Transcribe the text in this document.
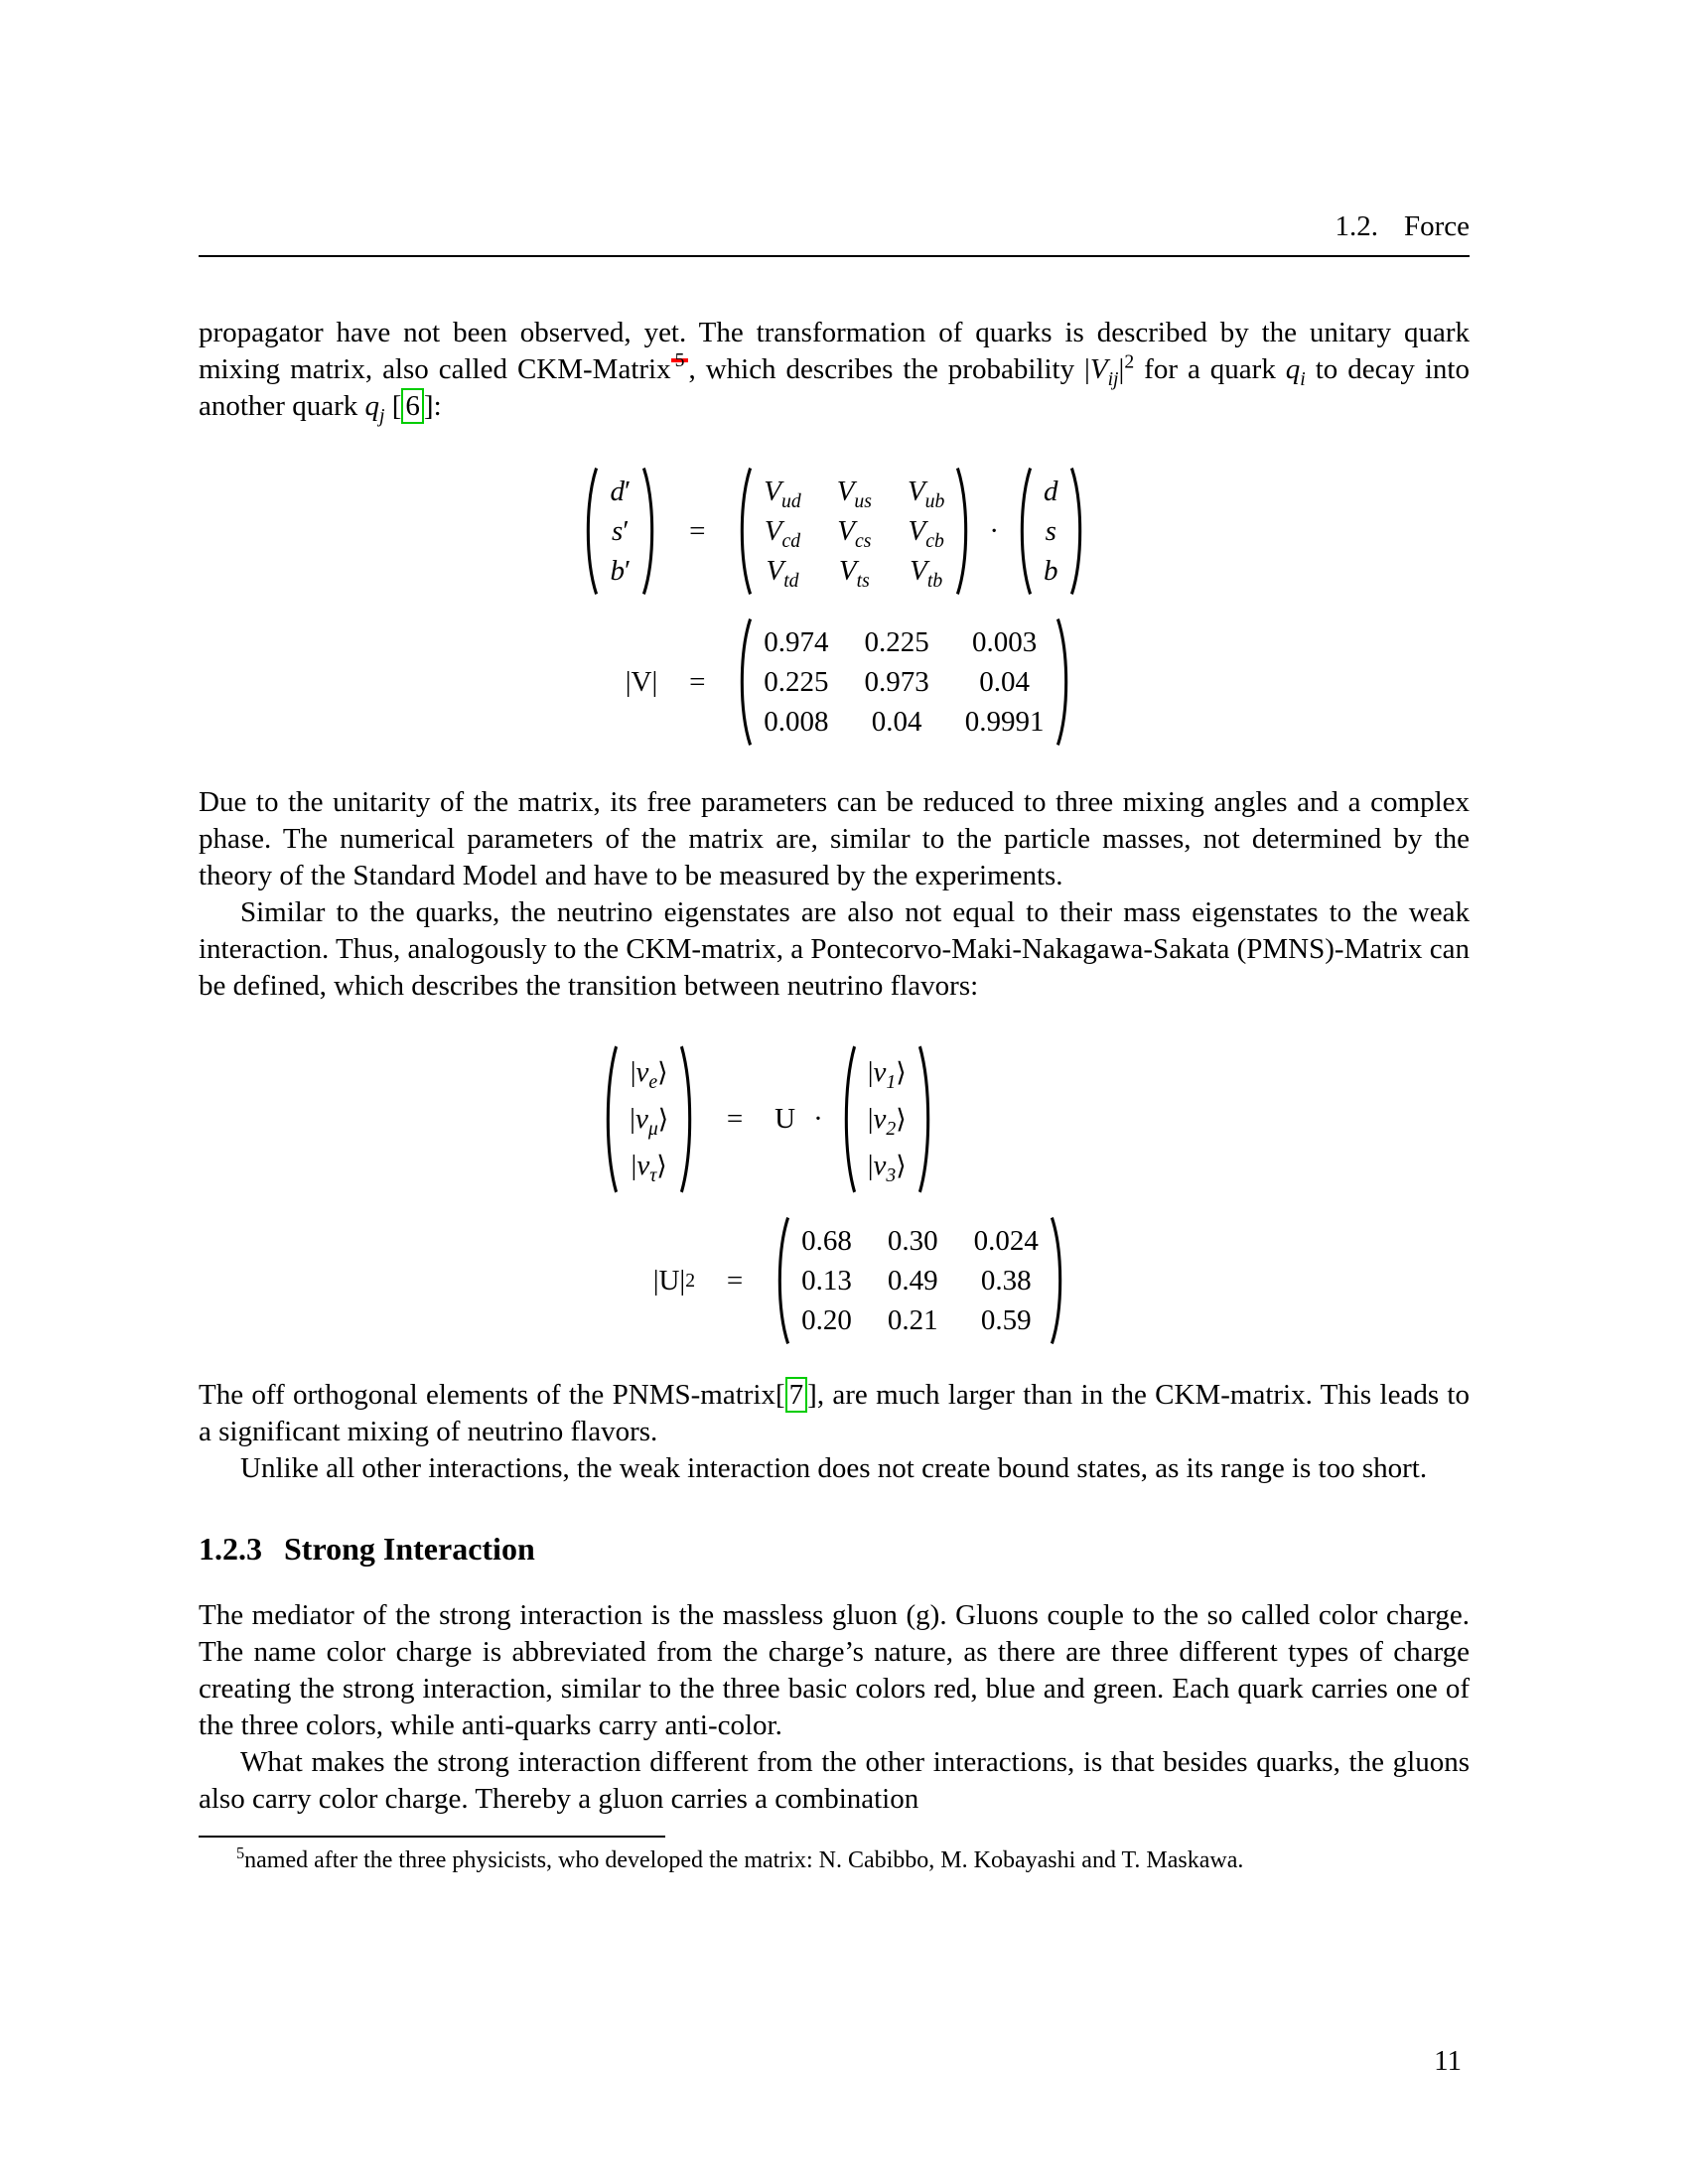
1.2. Force

propagator have not been observed, yet. The transformation of quarks is described by the unitary quark mixing matrix, also called CKM-Matrix $^5$ , which describes the probability $|V_{ij}|^2$ for a quark $q_i$ to decay into another quark $q_j$ [ 6 ]:

d′
s′
b′
=
$V_{ud}$ $V_{us}$ $V_{ub}$
$V_{cd}$ $V_{cs}$ $V_{cb}$
$V_{td}$ $V_{ts}$ $V_{tb}$
·
d
s
b
|V| =
0.974 0.225 0.003
0.225 0.973 0.04
0.008 0.04 0.9991

Due to the unitarity of the matrix, its free parameters can be reduced to three mixing angles and a complex phase. The numerical parameters of the matrix are, similar to the particle masses, not determined by the theory of the Standard Model and have to be measured by the experiments.

Similar to the quarks, the neutrino eigenstates are also not equal to their mass eigenstates to the weak interaction. Thus, analogously to the CKM-matrix, a Pontecorvo-Maki-Nakagawa-Sakata (PMNS)-Matrix can be defined, which describes the transition between neutrino flavors:

$|\nu_e⟩$
$|\nu_\mu⟩$
$|\nu_\tau⟩$
= U ·
$|\nu_1⟩$
$|\nu_2⟩$
$|\nu_3⟩$
|U| 2 =
0.68 0.30 0.024
0.13 0.49 0.38
0.20 0.21 0.59

The off orthogonal elements of the PNMS-matrix[ 7 ], are much larger than in the CKM-matrix. This leads to a significant mixing of neutrino flavors.

Unlike all other interactions, the weak interaction does not create bound states, as its range is too short.

1.2.3 Strong Interaction

The mediator of the strong interaction is the massless gluon (g). Gluons couple to the so called color charge. The name color charge is abbreviated from the charge’s nature, as there are three different types of charge creating the strong interaction, similar to the three basic colors red, blue and green. Each quark carries one of the three colors, while anti-quarks carry anti-color.

What makes the strong interaction different from the other interactions, is that besides quarks, the gluons also carry color charge. Thereby a gluon carries a combination

$^5$named after the three physicists, who developed the matrix: N. Cabibbo, M. Kobayashi and T. Maskawa.

11
